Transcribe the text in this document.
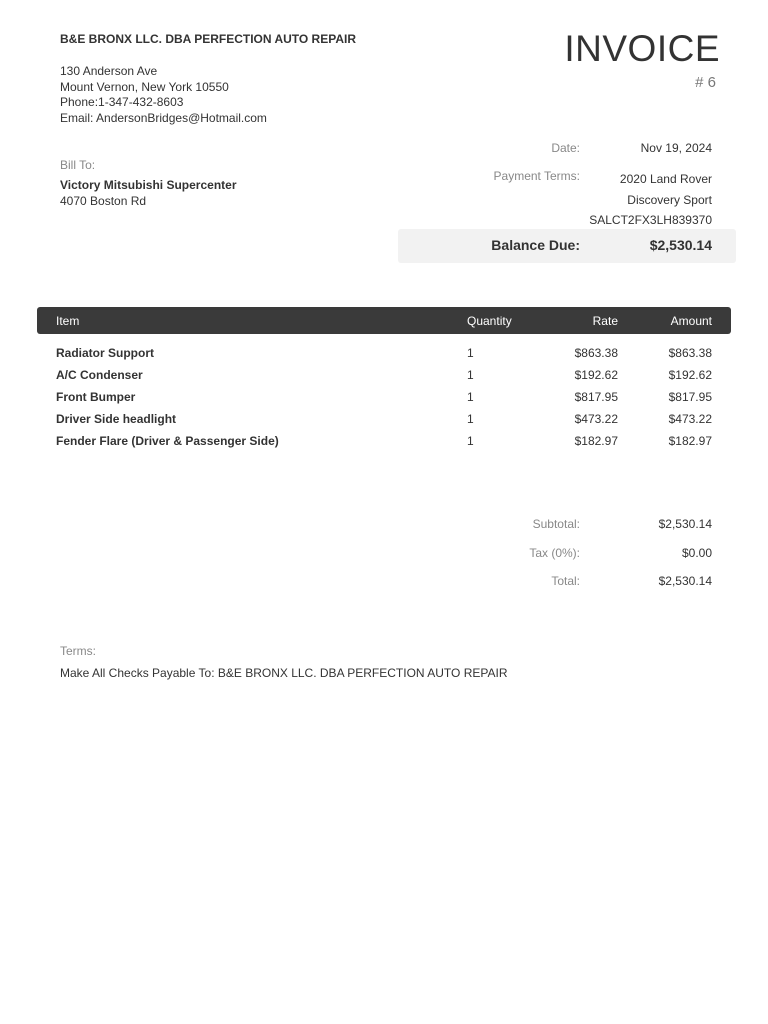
B&E BRONX LLC. DBA PERFECTION AUTO REPAIR
130 Anderson Ave
Mount Vernon, New York 10550
Phone:1-347-432-8603
Email: AndersonBridges@Hotmail.com
INVOICE
# 6
Date:	Nov 19, 2024
Payment Terms:	2020 Land Rover
Discovery Sport
SALCT2FX3LH839370
Bill To:
Victory Mitsubishi Supercenter
4070 Boston Rd
Balance Due:	$2,530.14
Item	Quantity	Rate	Amount
Radiator Support	1	$863.38	$863.38
A/C Condenser	1	$192.62	$192.62
Front Bumper	1	$817.95	$817.95
Driver Side headlight	1	$473.22	$473.22
Fender Flare (Driver & Passenger Side)	1	$182.97	$182.97
Subtotal:	$2,530.14
Tax (0%):	$0.00
Total:	$2,530.14
Terms:
Make All Checks Payable To: B&E BRONX LLC. DBA PERFECTION AUTO REPAIR
